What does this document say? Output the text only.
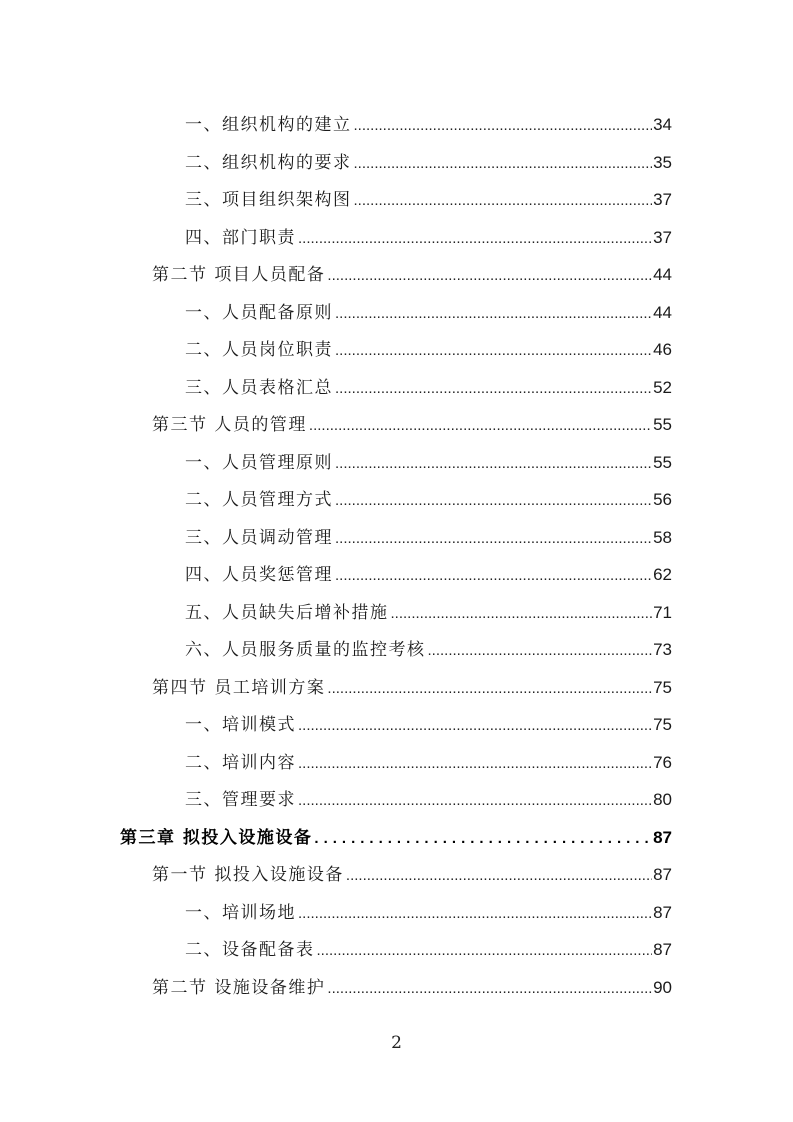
一、组织机构的建立 .....	34
二、组织机构的要求 .....	35
三、项目组织架构图 .....	37
四、部门职责 .....	37
第二节 项目人员配备 .....	44
一、人员配备原则 .....	44
二、人员岗位职责 .....	46
三、人员表格汇总 .....	52
第三节 人员的管理 .....	55
一、人员管理原则 .....	55
二、人员管理方式 .....	56
三、人员调动管理 .....	58
四、人员奖惩管理 .....	62
五、人员缺失后增补措施 .....	71
六、人员服务质量的监控考核 .....	73
第四节 员工培训方案 .....	75
一、培训模式 .....	75
二、培训内容 .....	76
三、管理要求 .....	80
第三章 拟投入设施设备 .....	87
第一节 拟投入设施设备 .....	87
一、培训场地 .....	87
二、设备配备表 .....	87
第二节 设施设备维护 .....	90
2
